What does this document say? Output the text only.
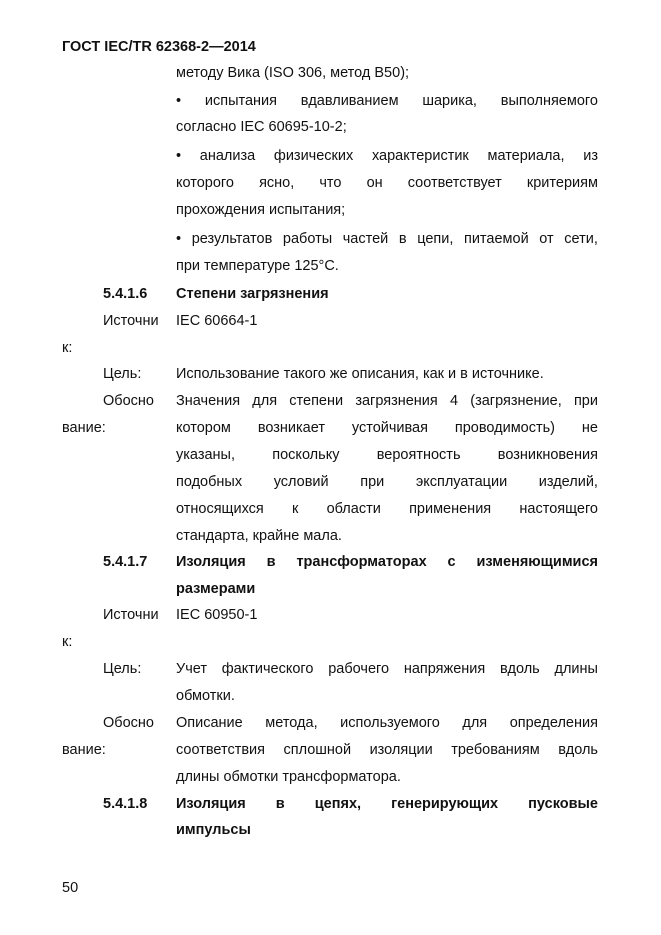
ГОСТ IEC/TR 62368-2—2014
методу Вика (ISO 306, метод B50);
• испытания вдавливанием шарика, выполняемого
согласно IEC 60695-10-2;
• анализа физических характеристик материала, из
которого ясно, что он соответствует критериям
прохождения испытания;
• результатов работы частей в цепи, питаемой от сети,
при температуре 125°С.
5.4.1.6 Степени загрязнения
Источни IEC 60664-1
к:
Цель: Использование такого же описания, как и в источнике.
Обосно Значения для степени загрязнения 4 (загрязнение, при
вание:	котором возникает устойчивая проводимость) не
указаны,	поскольку	вероятность	возникновения
подобных условий при эксплуатации изделий,
относящихся к области применения настоящего
стандарта, крайне мала.
5.4.1.7 Изоляция в трансформаторах с изменяющимися
размерами
Источни IEC 60950-1
к:
Цель: Учет фактического рабочего напряжения вдоль длины
обмотки.
Обосно Описание метода, используемого для определения
вание:	соответствия сплошной изоляции требованиям вдоль
длины обмотки трансформатора.
5.4.1.8 Изоляция в цепях, генерирующих пусковые
импульсы
50
